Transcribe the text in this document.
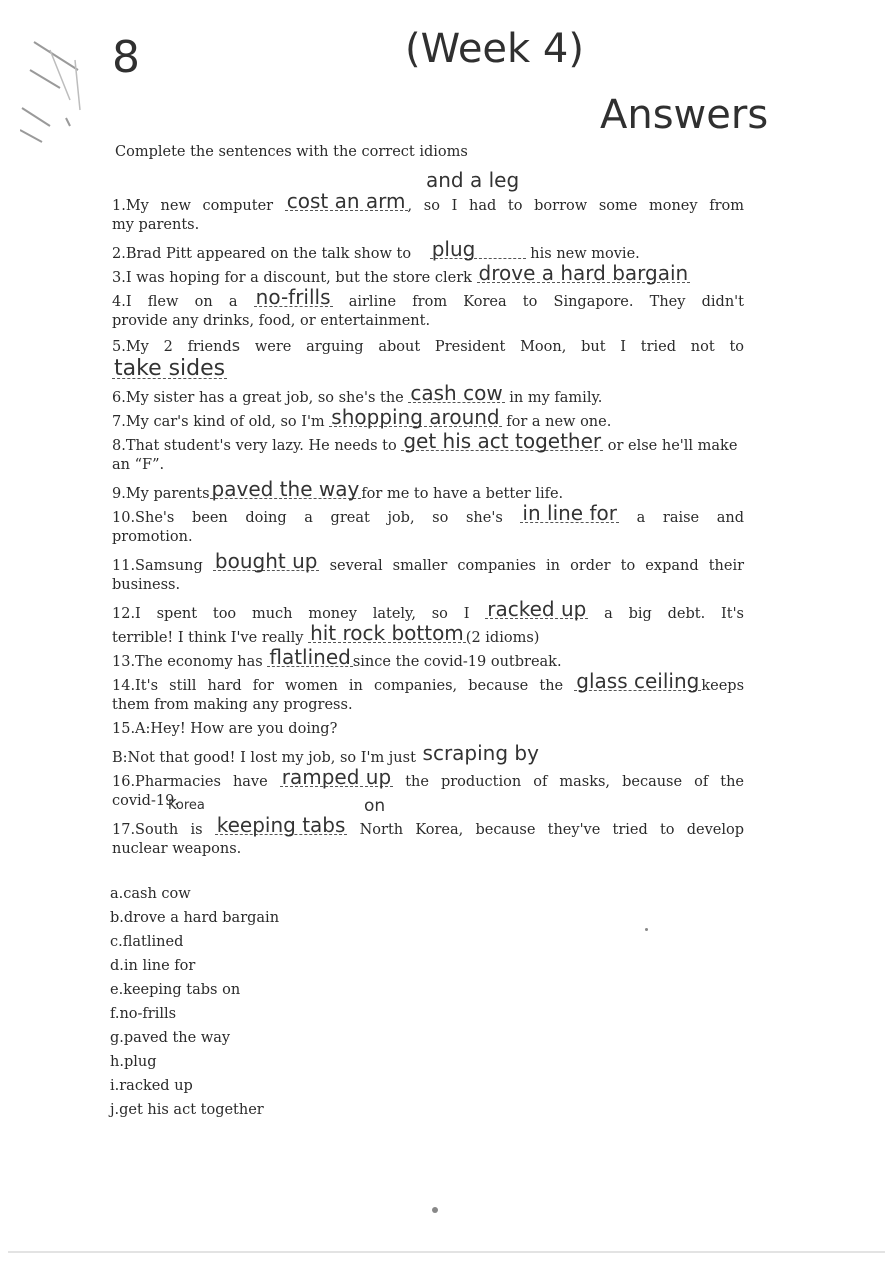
8	(Week 4)
Answers
Complete the sentences with the correct idioms
and a leg
1.My new computer cost an arm , so I had to borrow some money from
my parents.
2.Brad Pitt appeared on the talk show to plug	his new movie.
3.I was hoping for a discount, but the store clerk drove a hard bargain
4.I flew on a no-frills airline from Korea to Singapore. They didn't
provide any drinks, food, or entertainment.
5.My 2 friends were arguing about President Moon, but I tried not to
take sides
6.My sister has a great job, so she's the cash cow in my family.
7.My car's kind of old, so I'm shopping around for a new one.
8.That student's very lazy. He needs to get his act together or else he'll make
an “F”.
9.My parents paved the way for me to have a better life.
10.She's been doing a great job, so she's in line for a raise and
promotion.
11.Samsung bought up several smaller companies in order to expand their
business.
12.I spent too much money lately, so I racked up a big debt. It's
terrible! I think I've really hit rock bottom (2 idioms)
13.The economy has flatlined since the covid-19 outbreak.
14.It's still hard for women in companies, because the glass ceiling keeps
them from making any progress.
15.A:Hey! How are you doing?
B:Not that good! I lost my job, so I'm just scraping by
16.Pharmacies have ramped up the production of masks, because of the
covid-19.
Korea	on
17.South is keeping tabs North Korea, because they've tried to develop
nuclear weapons.
a.cash cow
b.drove a hard bargain
c.flatlined
d.in line for
e.keeping tabs on
f.no-frills
g.paved the way
h.plug
i.racked up
j.get his act together
